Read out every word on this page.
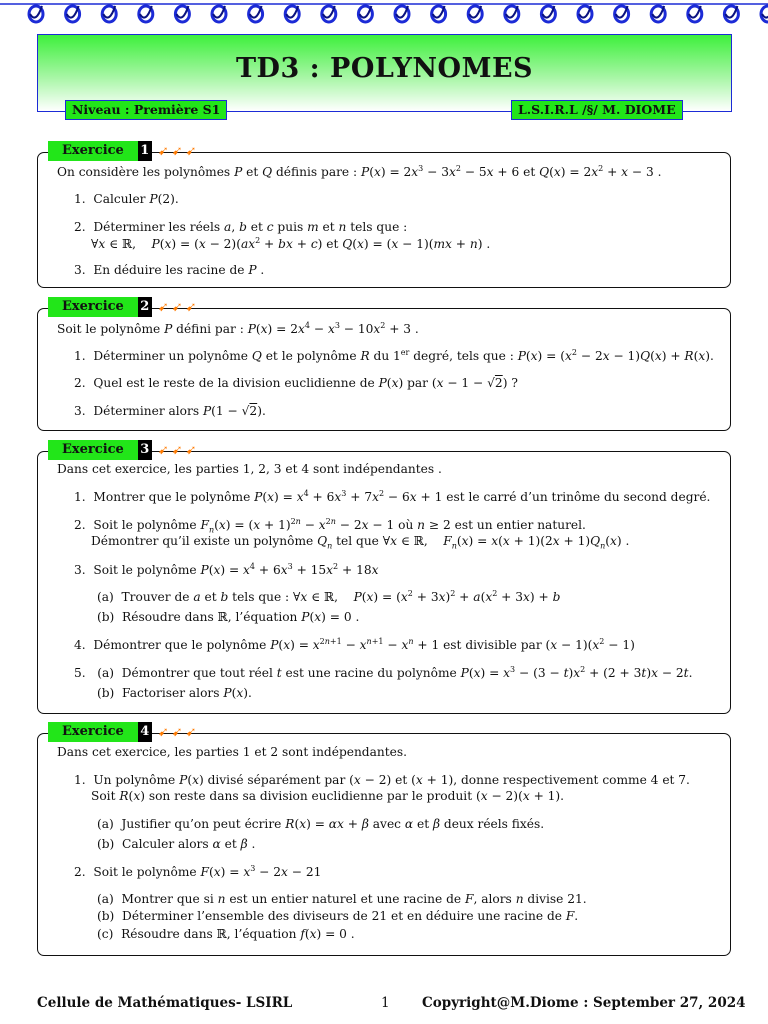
TD3 : POLYNOMES
Niveau : Première S1	L.S.I.R.L /§/ M. DIOME
Exercice	1 ➹➹➹
On considère les polynômes P et Q définis pare : $P(x) = 2x^3 - 3x^2 - 5x + 6$ et $Q(x) = 2x^2 + x - 3$ .
1.  Calculer P(2).
2.  Déterminer les réels a, b et c puis m et n tels que :
∀x ∈ ℝ,    $P(x) = (x - 2)(ax^2$ + bx + c) et Q(x) = (x − 1)(mx + n) .
3.  En déduire les racine de P .
Exercice	2 ➹➹➹
Soit le polynôme P défini par : $P(x) = 2x^4 - x^3 - 10x^2 + 3$ .
1.  Déterminer un polynôme Q et le polynôme R du 1er degré, tels que : $P(x) = (x^2 - 2x - 1)Q(x) + R(x)$.
2.  Quel est le reste de la division euclidienne de P(x) par (x − 1 − √2) ?
3.  Déterminer alors P(1 − √2).
Exercice	3 ➹➹➹
Dans cet exercice, les parties 1, 2, 3 et 4 sont indépendantes .
1.  Montrer que le polynôme $P(x) = x^4 + 6x^3 + 7x^2 - 6x + 1$ est le carré d’un trinôme du second degré.
2.  Soit le polynôme $F_n(x) = (x + 1)^{2n} - x^{2n} - 2x - 1$ où n ≥ 2 est un entier naturel.
Démontrer qu’il existe un polynôme $Q_n$ tel que ∀x ∈ ℝ,    $F_n(x) = x(x + 1)(2x + 1)Q_n(x)$ .
3.  Soit le polynôme $P(x) = x^4 + 6x^3 + 15x^2 + 18x$
(a)  Trouver de a et b tels que : ∀x ∈ ℝ,    $P(x) = (x^2 + 3x)^2 + a(x^2 + 3x) + b$
(b)  Résoudre dans ℝ, l’équation P(x) = 0 .
4.  Démontrer que le polynôme $P(x) = x^{2n+1} - x^{n+1} - x^n + 1$ est divisible par $(x - 1)(x^2 - 1)$
5.   (a)  Démontrer que tout réel t est une racine du polynôme $P(x) = x^3 - (3 - t)x^2 + (2 + 3t)x - 2t$.
(b)  Factoriser alors P(x).
Exercice	4 ➹➹➹
Dans cet exercice, les parties 1 et 2 sont indépendantes.
1.  Un polynôme P(x) divisé séparément par (x − 2) et (x + 1), donne respectivement comme 4 et 7.
Soit R(x) son reste dans sa division euclidienne par le produit (x − 2)(x + 1).
(a)  Justifier qu’on peut écrire R(x) = αx + β avec α et β deux réels fixés.
(b)  Calculer alors α et β .
2.  Soit le polynôme $F(x) = x^3 - 2x - 21$
(a)  Montrer que si n est un entier naturel et une racine de F, alors n divise 21.
(b)  Déterminer l’ensemble des diviseurs de 21 et en déduire une racine de F.
(c)  Résoudre dans ℝ, l’équation f(x) = 0 .
Cellule de Mathématiques- LSIRL	1 Copyright@M.Diome : September 27, 2024
